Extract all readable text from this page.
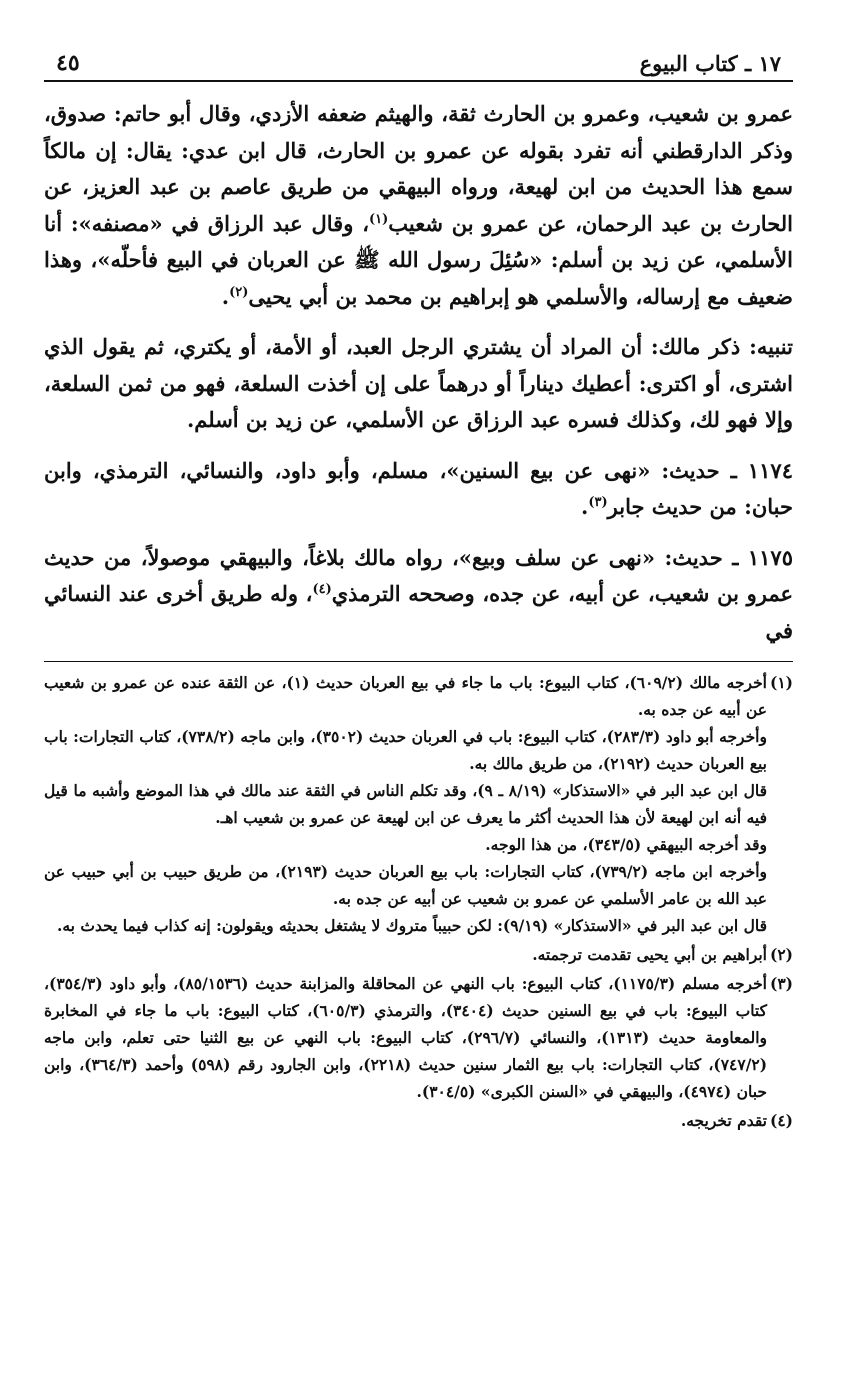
١٧ ـ كتاب البيوع
٤٥

عمرو بن شعيب، وعمرو بن الحارث ثقة، والهيثم ضعفه الأزدي، وقال أبو حاتم: صدوق، وذكر الدارقطني أنه تفرد بقوله عن عمرو بن الحارث، قال ابن عدي: يقال: إن مالكاً سمع هذا الحديث من ابن لهيعة، ورواه البيهقي من طريق عاصم بن عبد العزيز، عن الحارث بن عبد الرحمان، عن عمرو بن شعيب$^{(١)}$، وقال عبد الرزاق في «مصنفه»: أنا الأسلمي، عن زيد بن أسلم: «سُئِلَ رسول الله ﷺ عن العربان في البيع فأحلّه»، وهذا ضعيف مع إرساله، والأسلمي هو إبراهيم بن محمد بن أبي يحيى$^{(٢)}$.

تنبيه: ذكر مالك: أن المراد أن يشتري الرجل العبد، أو الأمة، أو يكتري، ثم يقول الذي اشترى، أو اكترى: أعطيك ديناراً أو درهماً على إن أخذت السلعة، فهو من ثمن السلعة، وإلا فهو لك، وكذلك فسره عبد الرزاق عن الأسلمي، عن زيد بن أسلم.

١١٧٤ ـ حديث: «نهى عن بيع السنين»، مسلم، وأبو داود، والنسائي، الترمذي، وابن حبان: من حديث جابر$^{(٣)}$.

١١٧٥ ـ حديث: «نهى عن سلف وبيع»، رواه مالك بلاغاً، والبيهقي موصولاً، من حديث عمرو بن شعيب، عن أبيه، عن جده، وصححه الترمذي$^{(٤)}$، وله طريق أخرى عند النسائي في

(١)

أخرجه مالك (٦٠٩/٢)، كتاب البيوع: باب ما جاء في بيع العربان حديث (١)، عن الثقة عنده عن عمرو بن شعيب عن أبيه عن جده به.

وأخرجه أبو داود (٢٨٣/٣)، كتاب البيوع: باب في العربان حديث (٣٥٠٢)، وابن ماجه (٧٣٨/٢)، كتاب التجارات: باب بيع العربان حديث (٢١٩٢)، من طريق مالك به.

قال ابن عبد البر في «الاستذكار» (٨/١٩ ـ ٩)، وقد تكلم الناس في الثقة عند مالك في هذا الموضع وأشبه ما قيل فيه أنه ابن لهيعة لأن هذا الحديث أكثر ما يعرف عن ابن لهيعة عن عمرو بن شعيب اهـ.

وقد أخرجه البيهقي (٣٤٣/٥)، من هذا الوجه.

وأخرجه ابن ماجه (٧٣٩/٢)، كتاب التجارات: باب بيع العربان حديث (٢١٩٣)، من طريق حبيب بن أبي حبيب عن عبد الله بن عامر الأسلمي عن عمرو بن شعيب عن أبيه عن جده به.

قال ابن عبد البر في «الاستذكار» (٩/١٩): لكن حبيباً متروك لا يشتغل بحديثه ويقولون: إنه كذاب فيما يحدث به.

(٢)

أبراهيم بن أبي يحيى تقدمت ترجمته.

(٣)

أخرجه مسلم (١١٧٥/٣)، كتاب البيوع: باب النهي عن المحاقلة والمزابنة حديث (٨٥/١٥٣٦)، وأبو داود (٣٥٤/٣)، كتاب البيوع: باب في بيع السنين حديث (٣٤٠٤)، والترمذي (٦٠٥/٣)، كتاب البيوع: باب ما جاء في المخابرة والمعاومة حديث (١٣١٣)، والنسائي (٢٩٦/٧)، كتاب البيوع: باب النهي عن بيع الثنيا حتى تعلم، وابن ماجه (٧٤٧/٢)، كتاب التجارات: باب بيع الثمار سنين حديث (٢٢١٨)، وابن الجارود رقم (٥٩٨) وأحمد (٣٦٤/٣)، وابن حبان (٤٩٧٤)، والبيهقي في «السنن الكبرى» (٣٠٤/٥).

(٤)

تقدم تخريجه.
